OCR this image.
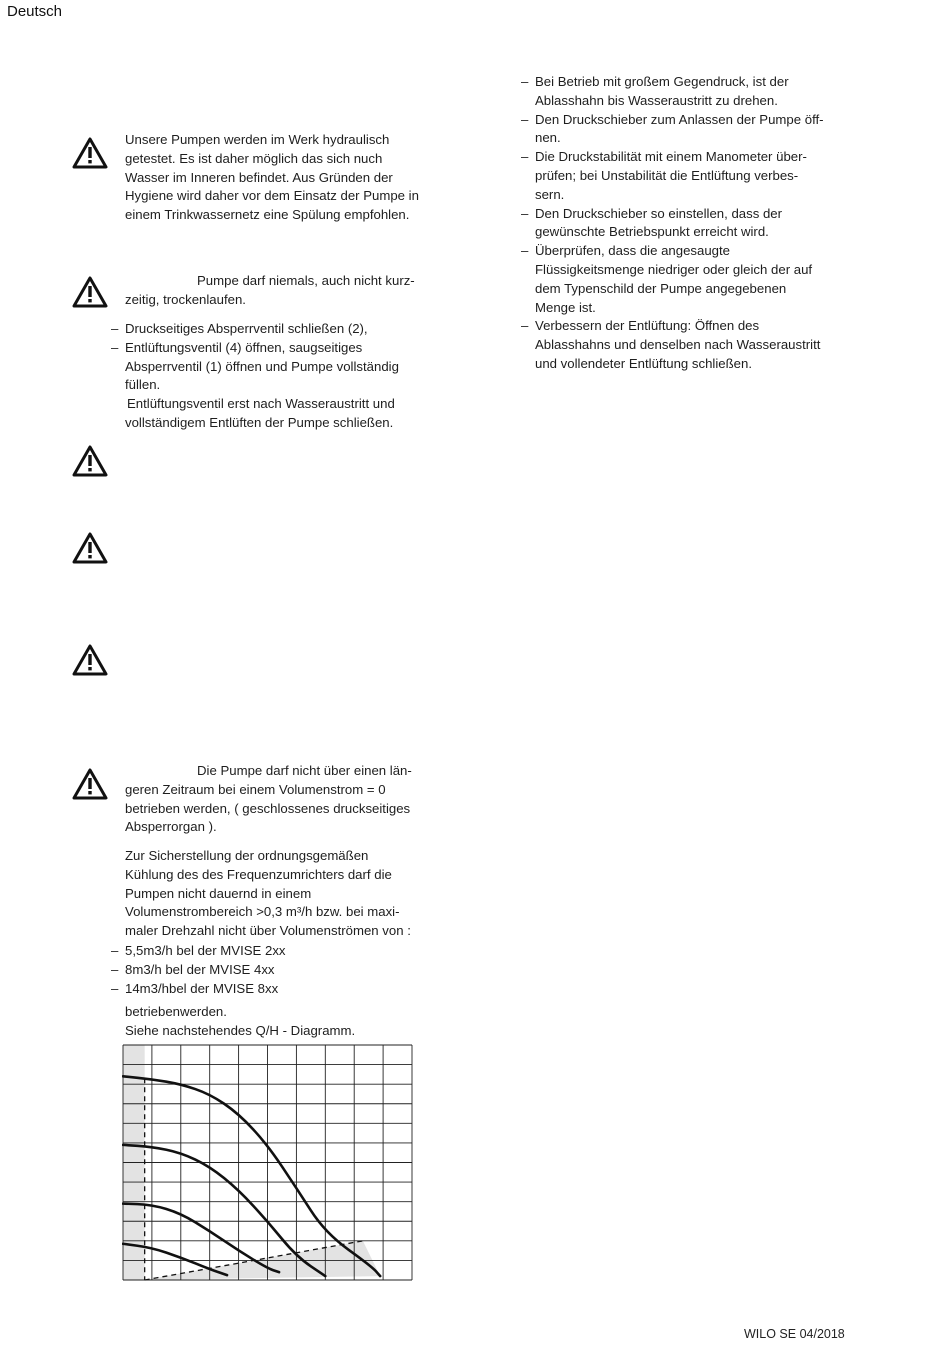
Deutsch
Unsere Pumpen werden im Werk hydraulisch
getestet. Es ist daher möglich das sich nuch
Wasser im Inneren befindet. Aus Gründen der
Hygiene wird daher vor dem Einsatz der Pumpe in
einem Trinkwassernetz eine Spülung empfohlen.
Pumpe darf niemals, auch nicht kurz-
zeitig, trockenlaufen.
– Druckseitiges Absperrventil schließen (2),
– Entlüftungsventil (4) öffnen, saugseitiges
Absperrventil (1) öffnen und Pumpe vollständig
füllen.
Entlüftungsventil erst nach Wasseraustritt und
vollständigem Entlüften der Pumpe schließen.
Die Pumpe darf nicht über einen län-
geren Zeitraum bei einem Volumenstrom = 0
betrieben werden, ( geschlossenes druckseitiges
Absperrorgan ).
Zur Sicherstellung der ordnungsgemäßen
Kühlung des des Frequenzumrichters darf die
Pumpen nicht dauernd in einem
Volumenstrombereich >0,3 m³/h bzw. bei maxi-
maler Drehzahl nicht über Volumenströmen von :
– 5,5m3/h bel der MVISE 2xx
– 8m3/h bel der MVISE 4xx
– 14m3/hbel der MVISE 8xx
betriebenwerden.
Siehe nachstehendes Q/H - Diagramm.
– Bei Betrieb mit großem Gegendruck, ist der
Ablasshahn bis Wasseraustritt zu drehen.
– Den Druckschieber zum Anlassen der Pumpe öff-
nen.
– Die Druckstabilität mit einem Manometer über-
prüfen; bei Unstabilität die Entlüftung verbes-
sern.
– Den Druckschieber so einstellen, dass der
gewünschte Betriebspunkt erreicht wird.
– Überprüfen, dass die angesaugte
Flüssigkeitsmenge niedriger oder gleich der auf
dem Typenschild der Pumpe angegebenen
Menge ist.
– Verbessern der Entlüftung: Öffnen des
Ablasshahns und denselben nach Wasseraustritt
und vollendeter Entlüftung schließen.
WILO SE 04/2018
